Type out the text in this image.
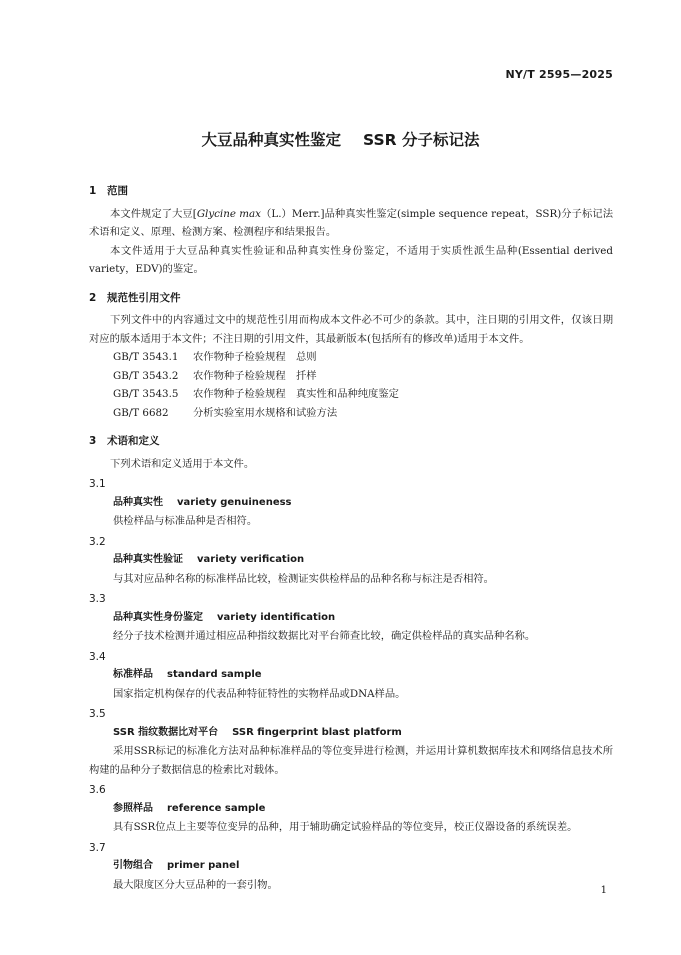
NY/T 2595—2025
大豆品种真实性鉴定 SSR 分子标记法
1 范围

本文件规定了大豆[Glycine max（L.）Merr.]品种真实性鉴定(simple sequence repeat，SSR)分子标记法术语和定义、原理、检测方案、检测程序和结果报告。

本文件适用于大豆品种真实性验证和品种真实性身份鉴定，不适用于实质性派生品种(Essential derived variety，EDV)的鉴定。

2 规范性引用文件

下列文件中的内容通过文中的规范性引用而构成本文件必不可少的条款。其中，注日期的引用文件，仅该日期对应的版本适用于本文件；不注日期的引用文件，其最新版本(包括所有的修改单)适用于本文件。

GB/T 3543.1 农作物种子检验规程　总则
GB/T 3543.2 农作物种子检验规程　扦样
GB/T 3543.5 农作物种子检验规程　真实性和品种纯度鉴定
GB/T 6682 分析实验室用水规格和试验方法
3 术语和定义

下列术语和定义适用于本文件。

3.1
品种真实性 variety genuineness

供检样品与标准品种是否相符。

3.2
品种真实性验证 variety verification

与其对应品种名称的标准样品比较，检测证实供检样品的品种名称与标注是否相符。

3.3
品种真实性身份鉴定 variety identification

经分子技术检测并通过相应品种指纹数据比对平台筛查比较，确定供检样品的真实品种名称。

3.4
标准样品 standard sample

国家指定机构保存的代表品种特征特性的实物样品或DNA样品。

3.5
SSR 指纹数据比对平台 SSR fingerprint blast platform

采用SSR标记的标准化方法对品种标准样品的等位变异进行检测，并运用计算机数据库技术和网络信息技术所构建的品种分子数据信息的检索比对载体。

3.6
参照样品 reference sample

具有SSR位点上主要等位变异的品种，用于辅助确定试验样品的等位变异，校正仪器设备的系统误差。

3.7
引物组合 primer panel

最大限度区分大豆品种的一套引物。	1
